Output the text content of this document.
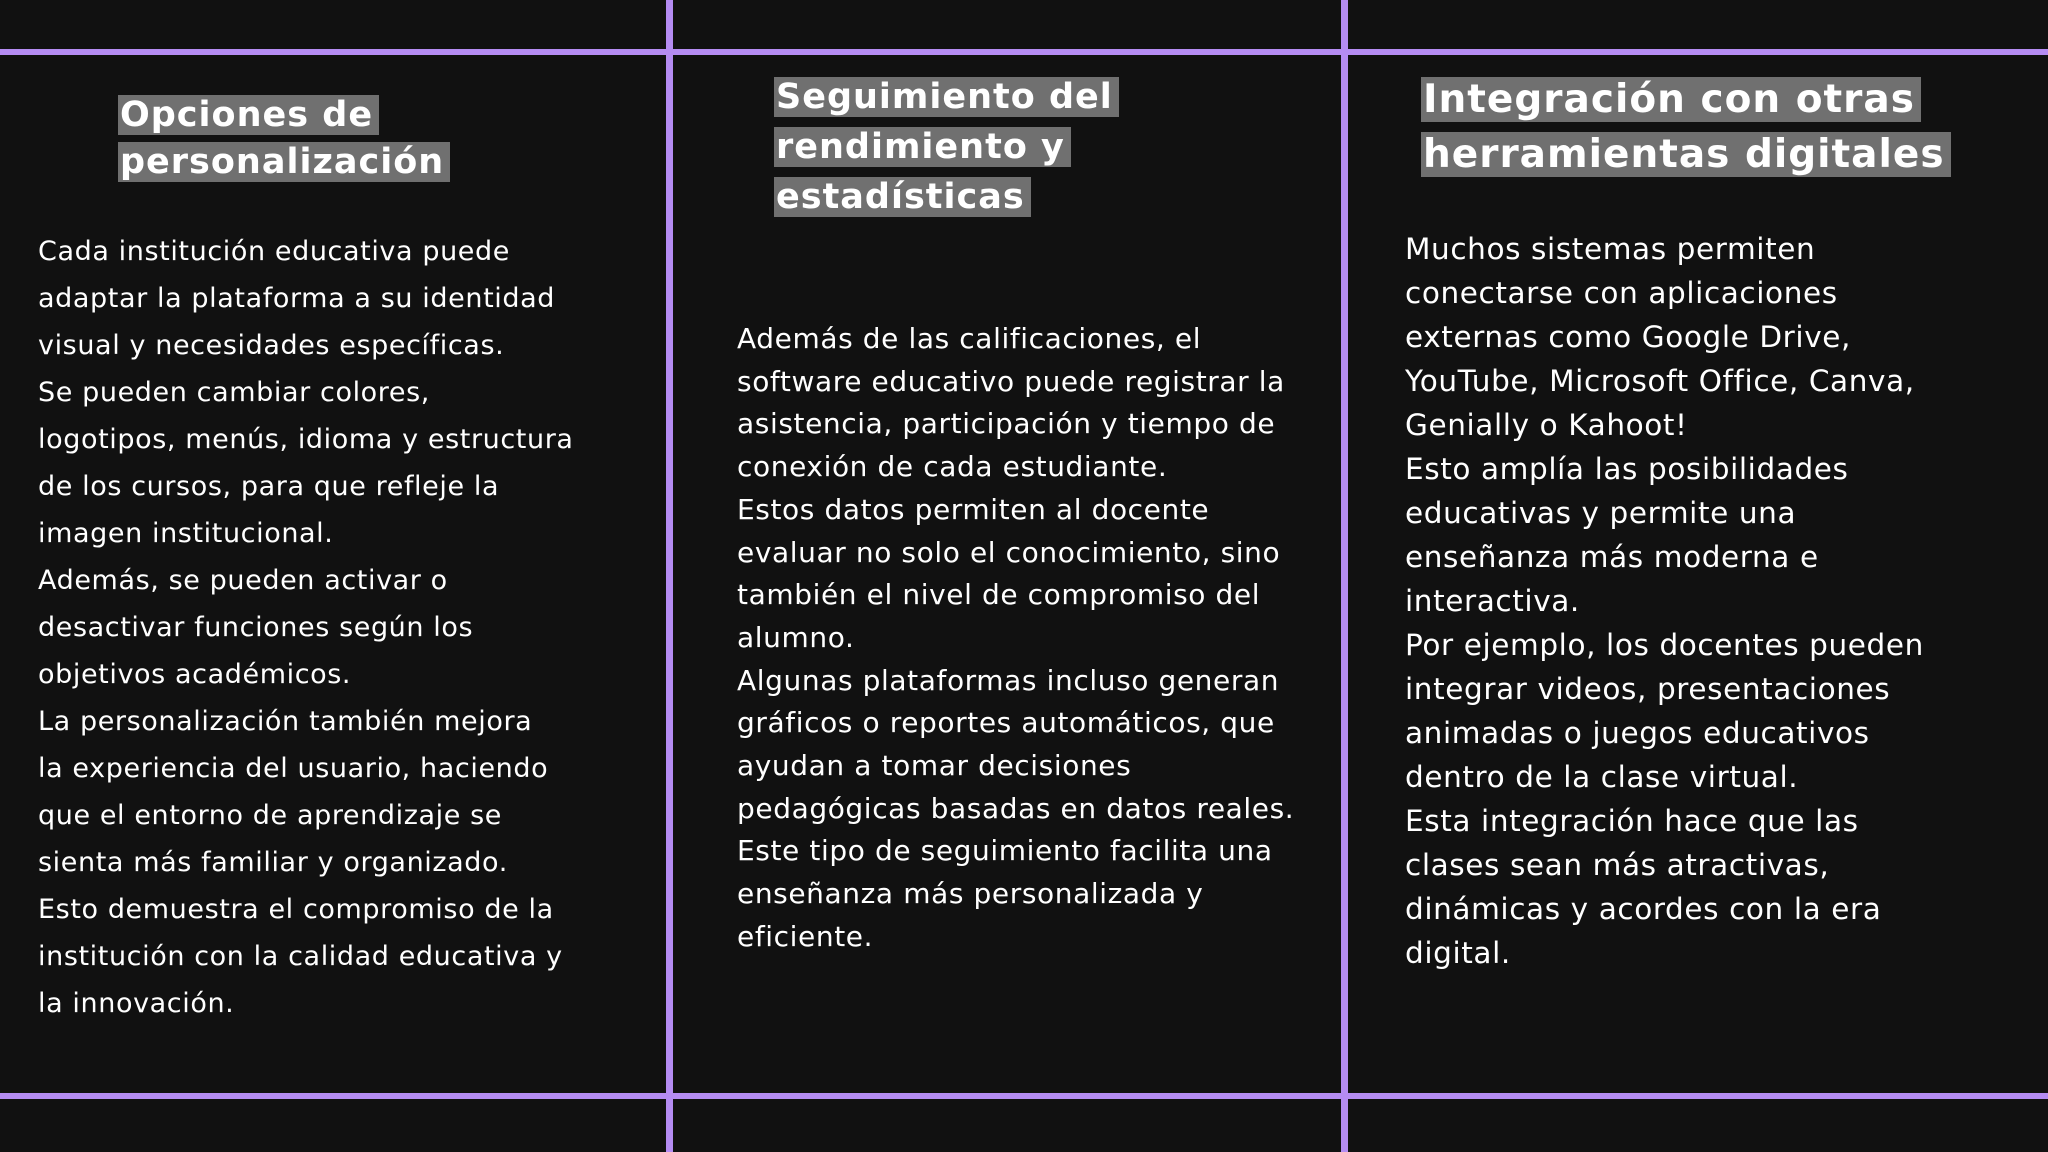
Opciones de personalización

Cada institución educativa puede
adaptar la plataforma a su identidad
visual y necesidades específicas.
Se pueden cambiar colores,
logotipos, menús, idioma y estructura
de los cursos, para que refleje la
imagen institucional.
Además, se pueden activar o
desactivar funciones según los
objetivos académicos.
La personalización también mejora
la experiencia del usuario, haciendo
que el entorno de aprendizaje se
sienta más familiar y organizado.
Esto demuestra el compromiso de la
institución con la calidad educativa y
la innovación.

Seguimiento del rendimiento y estadísticas

Además de las calificaciones, el
software educativo puede registrar la
asistencia, participación y tiempo de
conexión de cada estudiante.
Estos datos permiten al docente
evaluar no solo el conocimiento, sino
también el nivel de compromiso del
alumno.
Algunas plataformas incluso generan
gráficos o reportes automáticos, que
ayudan a tomar decisiones
pedagógicas basadas en datos reales.
Este tipo de seguimiento facilita una
enseñanza más personalizada y
eficiente.

Integración con otras herramientas digitales

Muchos sistemas permiten
conectarse con aplicaciones
externas como Google Drive,
YouTube, Microsoft Office, Canva,
Genially o Kahoot!
Esto amplía las posibilidades
educativas y permite una
enseñanza más moderna e
interactiva.
Por ejemplo, los docentes pueden
integrar videos, presentaciones
animadas o juegos educativos
dentro de la clase virtual.
Esta integración hace que las
clases sean más atractivas,
dinámicas y acordes con la era
digital.
